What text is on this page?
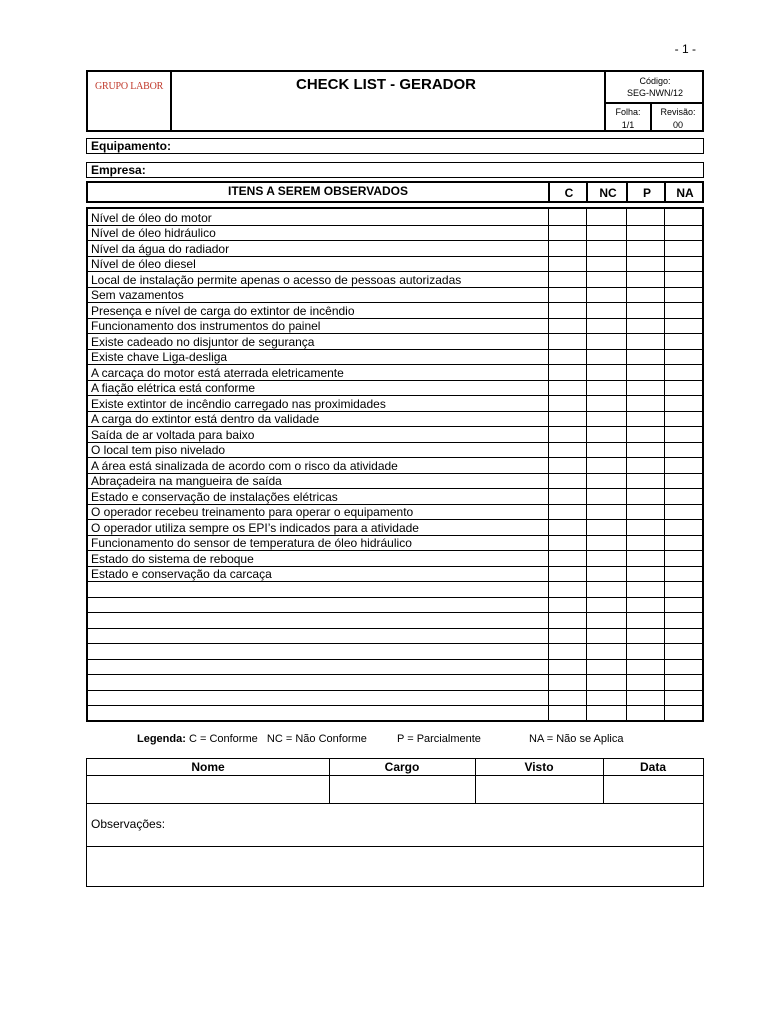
- 1 -
GRUPO LABOR	CHECK LIST - GERADOR	Código:
SEG-NWN/12
Folha:
1/1
Revisão:
00
Equipamento:
Empresa:
ITENS A SEREM OBSERVADOS	C	NC	P	NA
Nível de óleo do motor
Nível de óleo hidráulico
Nível da água do radiador
Nível de óleo diesel
Local de instalação permite apenas o acesso de pessoas autorizadas
Sem vazamentos
Presença e nível de carga do extintor de incêndio
Funcionamento dos instrumentos do painel
Existe cadeado no disjuntor de segurança
Existe chave Liga-desliga
A carcaça do motor está aterrada eletricamente
A fiação elétrica está conforme
Existe extintor de incêndio carregado nas proximidades
A carga do extintor está dentro da validade
Saída de ar voltada para baixo
O local tem piso nivelado
A área está sinalizada de acordo com o risco da atividade
Abraçadeira na mangueira de saída
Estado e conservação de instalações elétricas
O operador recebeu treinamento para operar o equipamento
O operador utiliza sempre os EPI’s indicados para a atividade
Funcionamento do sensor de temperatura de óleo hidráulico
Estado do sistema de reboque
Estado e conservação da carcaça
Legenda: C = Conforme NC = Não Conforme	P = Parcialmente	NA = Não se Aplica
Nome	Cargo	Visto	Data
Observações:
